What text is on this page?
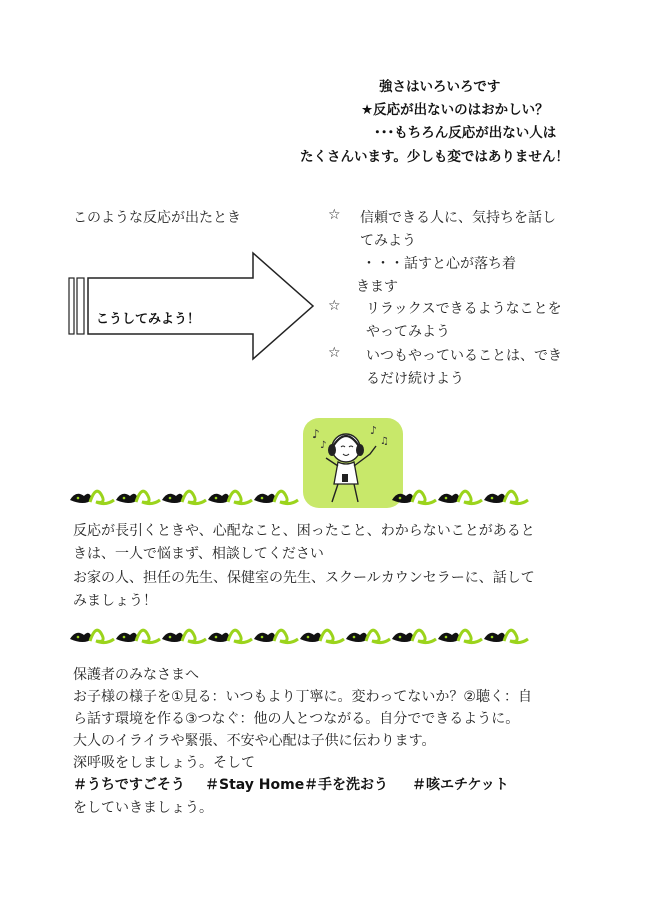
強さはいろいろです
★反応が出ないのはおかしい？
･･･もちろん反応が出ない人は
たくさんいます。少しも変ではありません！
このような反応が出たとき
こうしてみよう！
☆ 信頼できる人に、気持ちを話し
てみよう
・・・話すと心が落ち着
きます
☆ リラックスできるようなことを
やってみよう
☆ いつもやっていることは、でき
るだけ続けよう
♪
♪
♪
♫
反応が長引くときや、心配なこと、困ったこと、わからないことがあると
きは、一人で悩まず、相談してください
お家の人、担任の先生、保健室の先生、スクールカウンセラーに、話して
みましょう！
保護者のみなさまへ
お子様の様子を①見る：いつもより丁寧に。変わってないか？②聴く：自
ら話す環境を作る③つなぐ：他の人とつながる。自分でできるように。
大人のイライラや緊張、不安や心配は子供に伝わります。
深呼吸をしましょう。そして
＃うちですごそう ＃Stay Home ＃手を洗おう ＃咳エチケット
をしていきましょう。
